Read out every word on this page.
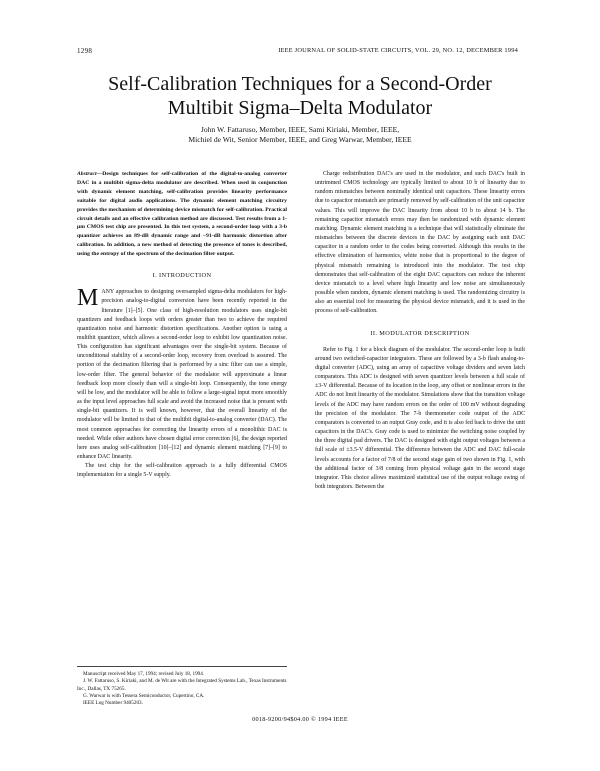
1298	IEEE JOURNAL OF SOLID-STATE CIRCUITS, VOL. 29, NO. 12, DECEMBER 1994
Self-Calibration Techniques for a Second-Order
Multibit Sigma–Delta Modulator
John W. Fattaruso, Member, IEEE, Sami Kiriaki, Member, IEEE,
Michiel de Wit, Senior Member, IEEE, and Greg Warwar, Member, IEEE

Abstract—Design techniques for self-calibration of the digital-to-analog converter DAC in a multibit sigma-delta modulator are described. When used in conjunction with dynamic element matching, self-calibration provides linearity performance suitable for digital audio applications. The dynamic element matching circuitry provides the mechanism of determining device mismatch for self-calibration. Practical circuit details and an effective calibration method are discussed. Test results from a 1-μm CMOS test chip are presented. In this test system, a second-order loop with a 3-b quantizer achieves an 89-dB dynamic range and −91-dB harmonic distortion after calibration. In addition, a new method of detecting the presence of tones is described, using the entropy of the spectrum of the decimation filter output.

I. INTRODUCTION

MANY approaches to designing oversampled sigma-delta modulators for high-precision analog-to-digital conversion have been recently reported in the literature [1]–[5]. One class of high-resolution modulators uses single-bit quantizers and feedback loops with orders greater than two to achieve the required quantization noise and harmonic distortion specifications. Another option is using a multibit quantizer, which allows a second-order loop to exhibit low quantization noise. This configuration has significant advantages over the single-bit system. Because of unconditional stability of a second-order loop, recovery from overload is assured. The portion of the decimation filtering that is performed by a sinc filter can use a simple, low-order filter. The general behavior of the modulator will approximate a linear feedback loop more closely than will a single-bit loop. Consequently, the tone energy will be low, and the modulator will be able to follow a large-signal input more smoothly as the input level approaches full scale and avoid the increased noise that is present with single-bit quantizers. It is well known, however, that the overall linearity of the modulator will be limited to that of the multibit digital-to-analog converter (DAC). The most common approaches for correcting the linearity errors of a monolithic DAC is needed. While other authors have chosen digital error correction [6], the design reported here uses analog self-calibration [10]–[12] and dynamic element matching [7]–[9] to enhance DAC linearity.

The test chip for the self-calibration approach is a fully differential CMOS implementation for a single 5-V supply.

Manuscript received May 17, 1994; revised July 18, 1994.

J. W. Fattaruso, S. Kiriaki, and M. de Wit are with the Integrated Systems Lab., Texas Instruments Inc., Dallas, TX 75265.

G. Warwar is with Tessera Semiconductor, Cupertino, CA.

IEEE Log Number 9405203.

Charge redistribution DAC's are used in the modulator, and such DAC's built in untrimmed CMOS technology are typically limited to about 10 b of linearity due to random mismatches between nominally identical unit capacitors. These linearity errors due to capacitor mismatch are primarily removed by self-calibration of the unit capacitor values. This will improve the DAC linearity from about 10 b to about 14 b. The remaining capacitor mismatch errors may then be randomized with dynamic element matching. Dynamic element matching is a technique that will statistically eliminate the mismatches between the discrete devices in the DAC by assigning each unit DAC capacitor in a random order to the codes being converted. Although this results in the effective elimination of harmonics, white noise that is proportional to the degree of physical mismatch remaining is introduced into the modulator. The test chip demonstrates that self-calibration of the eight DAC capacitors can reduce the inherent device mismatch to a level where high linearity and low noise are simultaneously possible when random, dynamic element matching is used. The randomizing circuitry is also an essential tool for measuring the physical device mismatch, and it is used in the process of self-calibration.

II. MODULATOR DESCRIPTION

Refer to Fig. 1 for a block diagram of the modulator. The second-order loop is built around two switched-capacitor integrators. These are followed by a 3-b flash analog-to-digital converter (ADC), using an array of capacitive voltage dividers and seven latch comparators. This ADC is designed with seven quantizer levels between a full scale of ±3-V differential. Because of its location in the loop, any offset or nonlinear errors in the ADC do not limit linearity of the modulator. Simulations show that the transition voltage levels of the ADC may have random errors on the order of 100 mV without degrading the precision of the modulator. The 7-b thermometer code output of the ADC comparators is converted to an output Gray code, and it is also fed back to drive the unit capacitors in the DAC's. Gray code is used to minimize the switching noise coupled by the three digital pad drivers. The DAC is designed with eight output voltages between a full scale of ±3.5-V differential. The difference between the ADC and DAC full-scale levels accounts for a factor of 7/8 of the second stage gain of two shown in Fig. 1, with the additional factor of 3/8 coming from physical voltage gain in the second stage integrator. This choice allows maximized statistical use of the output voltage swing of both integrators. Between the

0018-9200/94$04.00 © 1994 IEEE
